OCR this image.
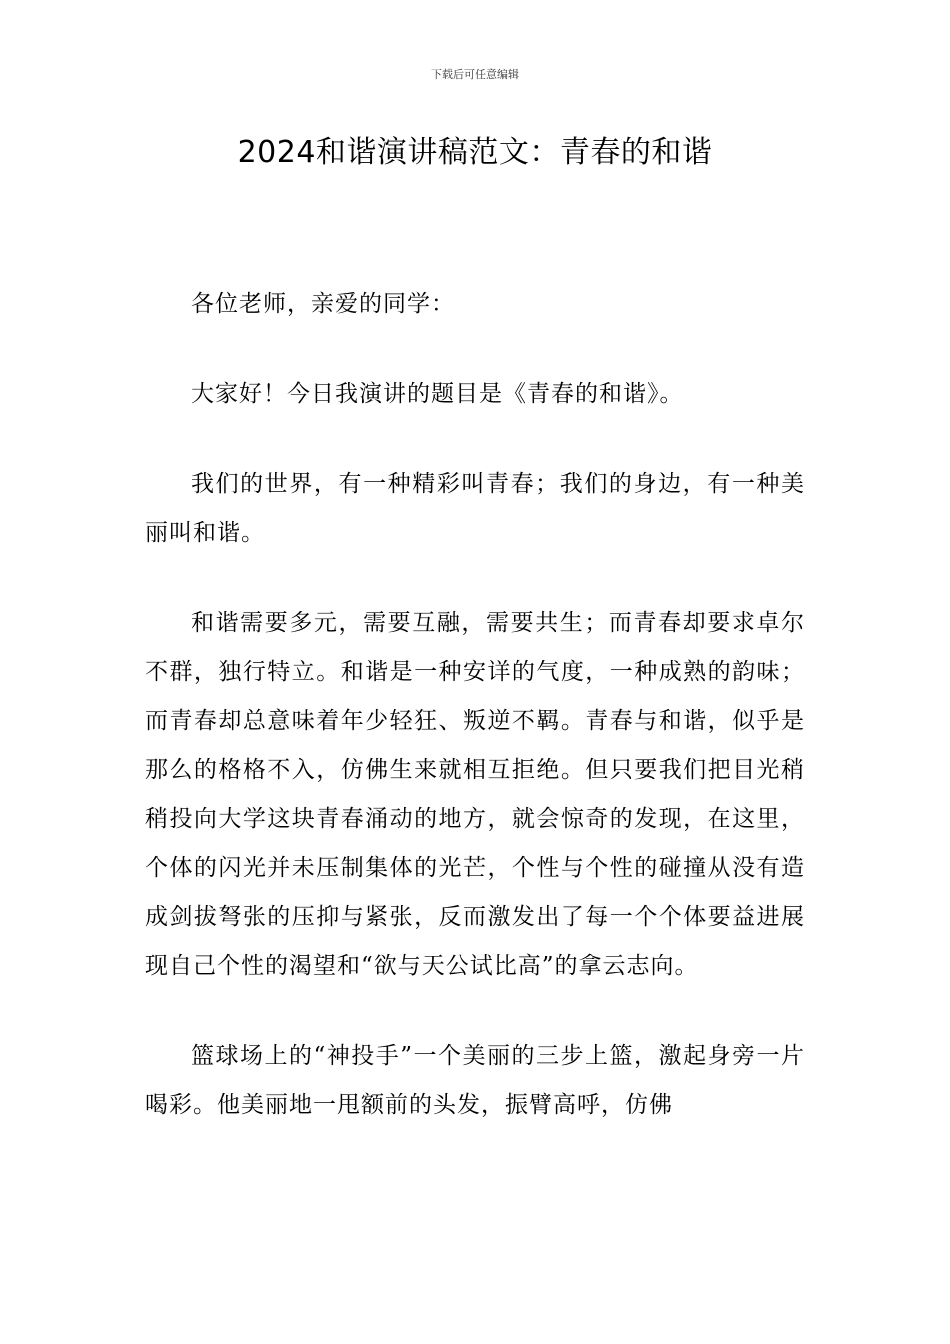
下载后可任意编辑
2024和谐演讲稿范文：青春的和谐

各位老师，亲爱的同学：

大家好！今日我演讲的题目是《青春的和谐》。

我们的世界，有一种精彩叫青春；我们的身边，有一种美丽叫和谐。

和谐需要多元，需要互融，需要共生；而青春却要求卓尔不群，独行特立。和谐是一种安详的气度，一种成熟的韵味；而青春却总意味着年少轻狂、叛逆不羁。青春与和谐，似乎是那么的格格不入，仿佛生来就相互拒绝。但只要我们把目光稍稍投向大学这块青春涌动的地方，就会惊奇的发现，在这里，个体的闪光并未压制集体的光芒，个性与个性的碰撞从没有造成剑拔弩张的压抑与紧张，反而激发出了每一个个体要益进展现自己个性的渴望和“欲与天公试比高”的拿云志向。

篮球场上的“神投手”一个美丽的三步上篮，激起身旁一片喝彩。他美丽地一甩额前的头发，振臂高呼，仿佛
